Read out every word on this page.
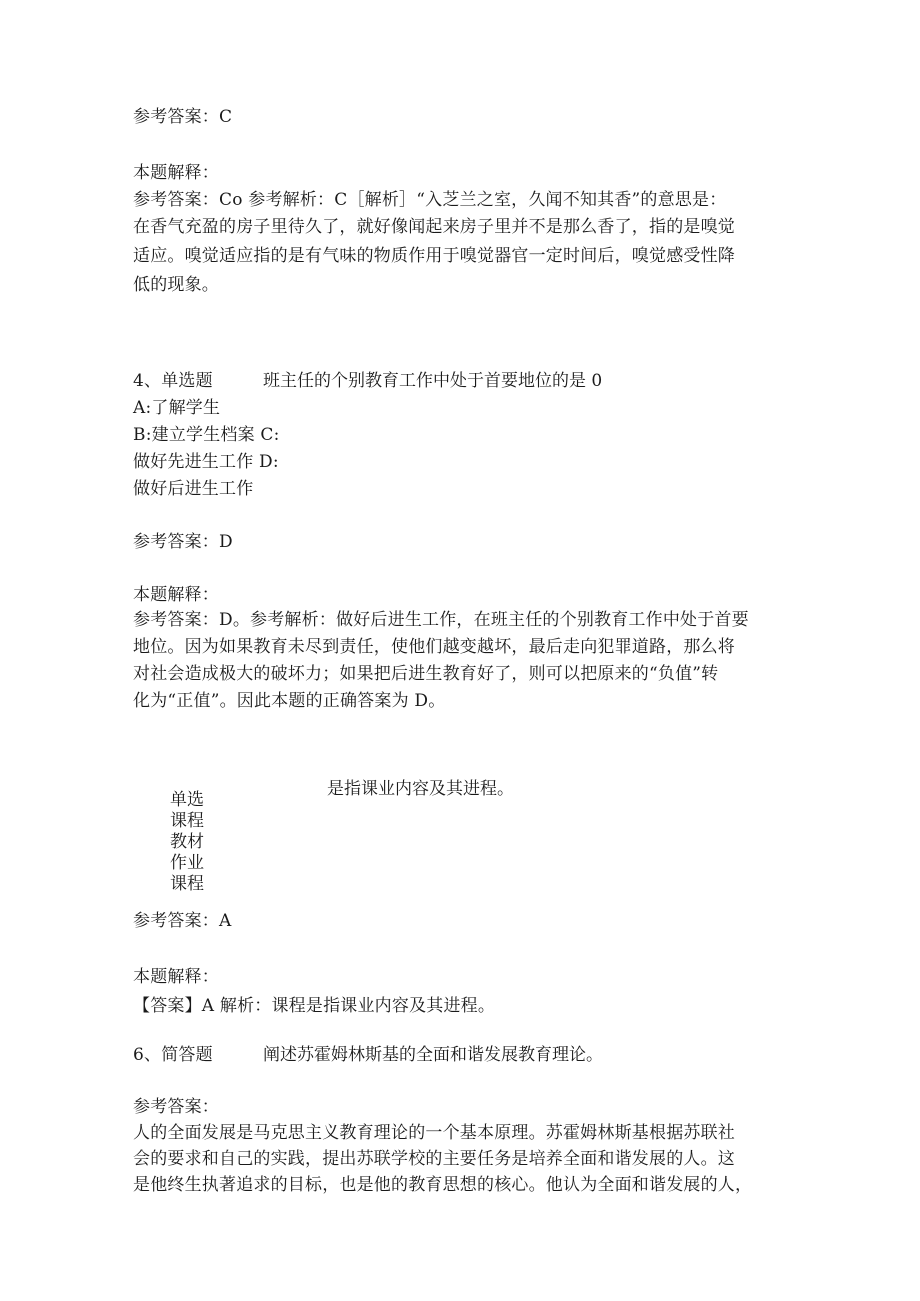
参考答案：C
本题解释：
参考答案：Co 参考解析：C［解析］“入芝兰之室，久闻不知其香”的意思是：
在香气充盈的房子里待久了，就好像闻起来房子里并不是那么香了，指的是嗅觉
适应。嗅觉适应指的是有气味的物质作用于嗅觉器官一定时间后，嗅觉感受性降
低的现象。
4、单选题	班主任的个别教育工作中处于首要地位的是 0
A:了解学生
B:建立学生档案 C:
做好先进生工作 D:
做好后进生工作
参考答案：D
本题解释：
参考答案：D。参考解析：做好后进生工作，在班主任的个别教育工作中处于首要
地位。因为如果教育未尽到责任，使他们越变越坏，最后走向犯罪道路，那么将
对社会造成极大的破坏力；如果把后进生教育好了，则可以把原来的“负值”转
化为“正值”。因此本题的正确答案为 D。
是指课业内容及其进程。
单选
课程
教材
作业
课程
参考答案：A
本题解释：
【答案】A 解析：课程是指课业内容及其进程。
6、简答题	阐述苏霍姆林斯基的全面和谐发展教育理论。
参考答案：
人的全面发展是马克思主义教育理论的一个基本原理。苏霍姆林斯基根据苏联社
会的要求和自己的实践，提出苏联学校的主要任务是培养全面和谐发展的人。这
是他终生执著追求的目标，也是他的教育思想的核心。他认为全面和谐发展的人，
